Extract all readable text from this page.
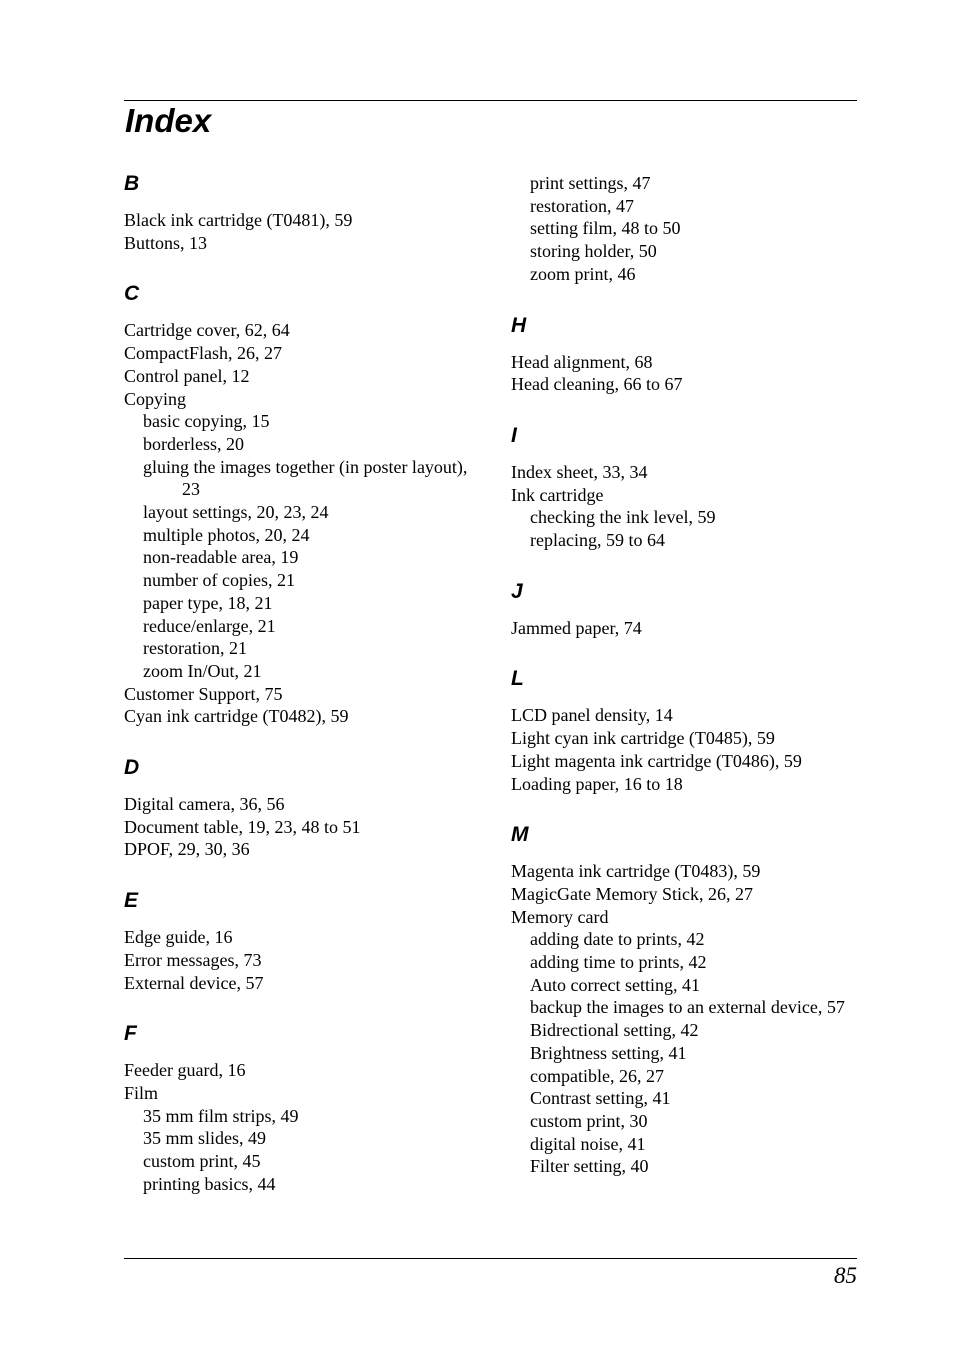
Index
B
Black ink cartridge (T0481), 59
Buttons, 13
C
Cartridge cover, 62, 64
CompactFlash, 26, 27
Control panel, 12
Copying
basic copying, 15
borderless, 20
gluing the images together (in poster layout), 23
layout settings, 20, 23, 24
multiple photos, 20, 24
non-readable area, 19
number of copies, 21
paper type, 18, 21
reduce/enlarge, 21
restoration, 21
zoom In/Out, 21
Customer Support, 75
Cyan ink cartridge (T0482), 59
D
Digital camera, 36, 56
Document table, 19, 23, 48 to 51
DPOF, 29, 30, 36
E
Edge guide, 16
Error messages, 73
External device, 57
F
Feeder guard, 16
Film
35 mm film strips, 49
35 mm slides, 49
custom print, 45
printing basics, 44
print settings, 47
restoration, 47
setting film, 48 to 50
storing holder, 50
zoom print, 46
H
Head alignment, 68
Head cleaning, 66 to 67
I
Index sheet, 33, 34
Ink cartridge
checking the ink level, 59
replacing, 59 to 64
J
Jammed paper, 74
L
LCD panel density, 14
Light cyan ink cartridge (T0485), 59
Light magenta ink cartridge (T0486), 59
Loading paper, 16 to 18
M
Magenta ink cartridge (T0483), 59
MagicGate Memory Stick, 26, 27
Memory card
adding date to prints, 42
adding time to prints, 42
Auto correct setting, 41
backup the images to an external device, 57
Bidrectional setting, 42
Brightness setting, 41
compatible, 26, 27
Contrast setting, 41
custom print, 30
digital noise, 41
Filter setting, 40
85
